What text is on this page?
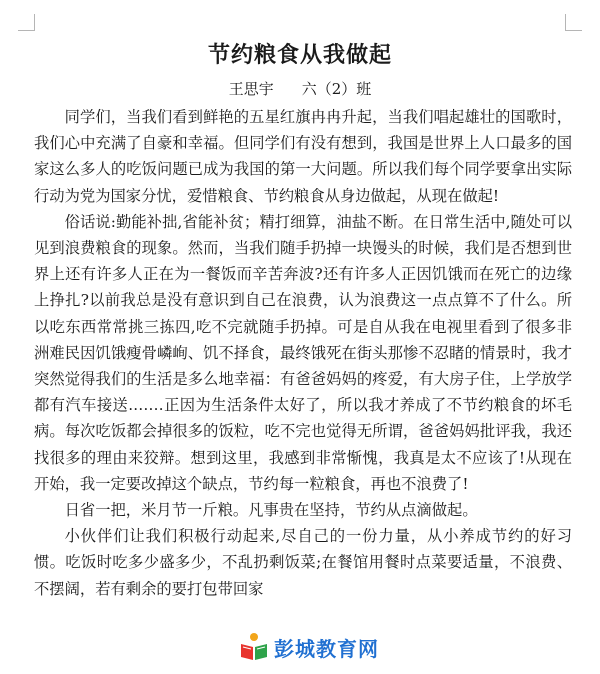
节约粮食从我做起
王思宇 六（2）班

同学们，当我们看到鲜艳的五星红旗冉冉升起，当我们唱起雄壮的国歌时，我们心中充满了自豪和幸福。但同学们有没有想到，我国是世界上人口最多的国家这么多人的吃饭问题已成为我国的第一大问题。所以我们每个同学要拿出实际行动为党为国家分忧，爱惜粮食、节约粮食从身边做起，从现在做起!

俗话说:勤能补拙,省能补贫；精打细算，油盐不断。在日常生活中,随处可以见到浪费粮食的现象。然而，当我们随手扔掉一块馒头的时候，我们是否想到世界上还有许多人正在为一餐饭而辛苦奔波?还有许多人正因饥饿而在死亡的边缘上挣扎?以前我总是没有意识到自己在浪费，认为浪费这一点点算不了什么。所以吃东西常常挑三拣四,吃不完就随手扔掉。可是自从我在电视里看到了很多非洲难民因饥饿瘦骨嶙峋、饥不择食，最终饿死在街头那惨不忍睹的情景时，我才突然觉得我们的生活是多么地幸福：有爸爸妈妈的疼爱，有大房子住，上学放学都有汽车接送.……正因为生活条件太好了，所以我才养成了不节约粮食的坏毛病。每次吃饭都会掉很多的饭粒，吃不完也觉得无所谓，爸爸妈妈批评我，我还找很多的理由来狡辩。想到这里，我感到非常惭愧，我真是太不应该了!从现在开始，我一定要改掉这个缺点，节约每一粒粮食，再也不浪费了!

日省一把，米月节一斤粮。凡事贵在坚持，节约从点滴做起。

小伙伴们让我们积极行动起来,尽自己的一份力量，从小养成节约的好习惯。吃饭时吃多少盛多少，不乱扔剩饭菜;在餐馆用餐时点菜要适量，不浪费、不摆阔，若有剩余的要打包带回家

彭城教育网
